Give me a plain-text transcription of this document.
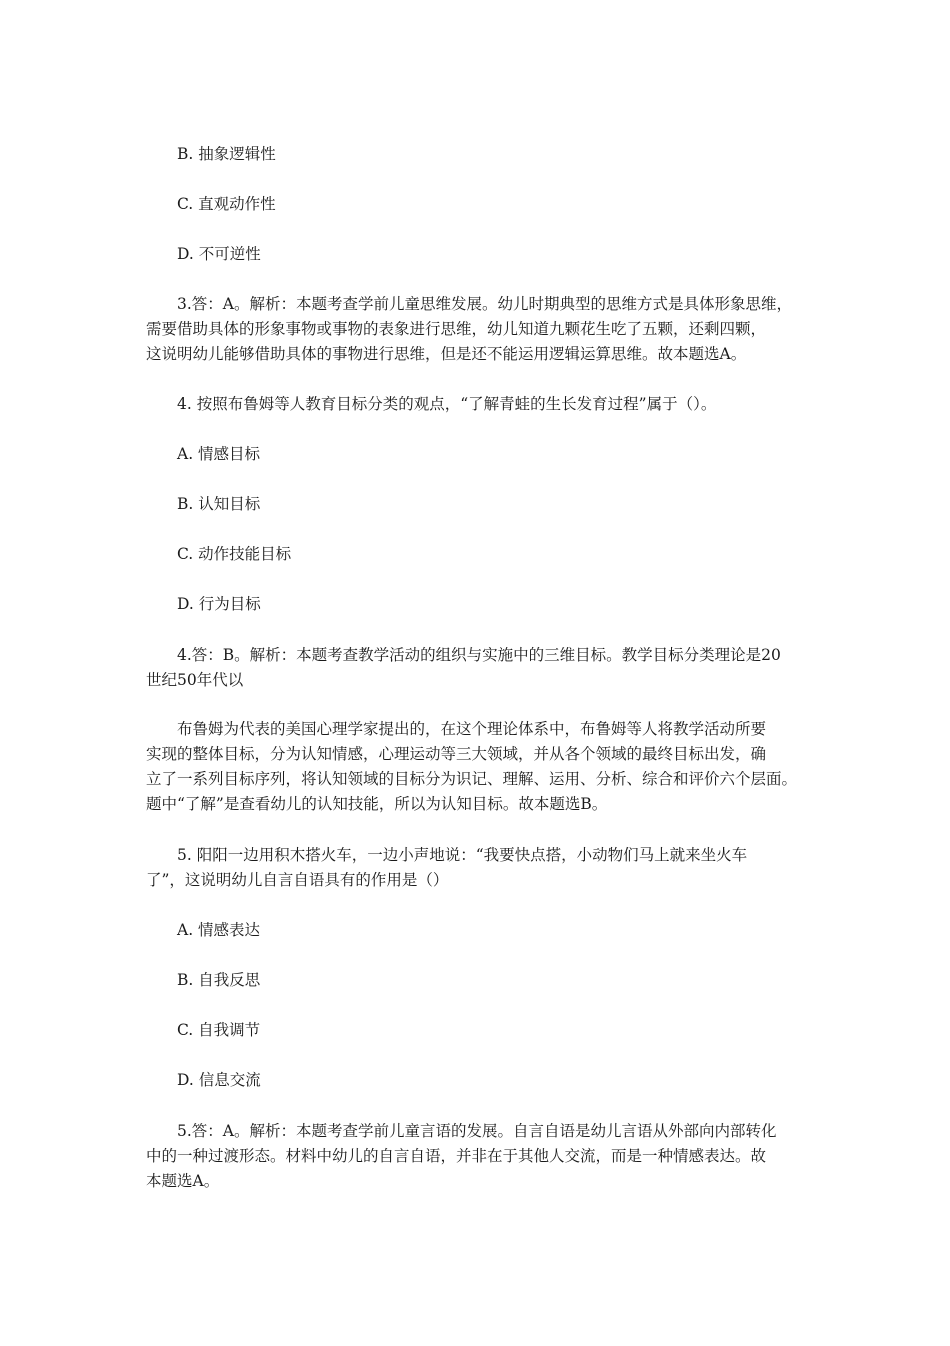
B. 抽象逻辑性

C. 直观动作性

D. 不可逆性

3.答：A。解析：本题考查学前儿童思维发展。幼儿时期典型的思维方式是具体形象思维，
需要借助具体的形象事物或事物的表象进行思维，幼儿知道九颗花生吃了五颗，还剩四颗，
这说明幼儿能够借助具体的事物进行思维，但是还不能运用逻辑运算思维。故本题选A。

4. 按照布鲁姆等人教育目标分类的观点，“了解青蛙的生长发育过程”属于（）。

A. 情感目标

B. 认知目标

C. 动作技能目标

D. 行为目标

4.答：B。解析：本题考查教学活动的组织与实施中的三维目标。教学目标分类理论是20
世纪50年代以

布鲁姆为代表的美国心理学家提出的，在这个理论体系中，布鲁姆等人将教学活动所要
实现的整体目标，分为认知情感，心理运动等三大领域，并从各个领域的最终目标出发，确
立了一系列目标序列，将认知领域的目标分为识记、理解、运用、分析、综合和评价六个层面。
题中“了解”是查看幼儿的认知技能，所以为认知目标。故本题选B。

5. 阳阳一边用积木搭火车，一边小声地说：“我要快点搭，小动物们马上就来坐火车
了”，这说明幼儿自言自语具有的作用是（）

A. 情感表达

B. 自我反思

C. 自我调节

D. 信息交流

5.答：A。解析：本题考查学前儿童言语的发展。自言自语是幼儿言语从外部向内部转化
中的一种过渡形态。材料中幼儿的自言自语，并非在于其他人交流，而是一种情感表达。故
本题选A。
